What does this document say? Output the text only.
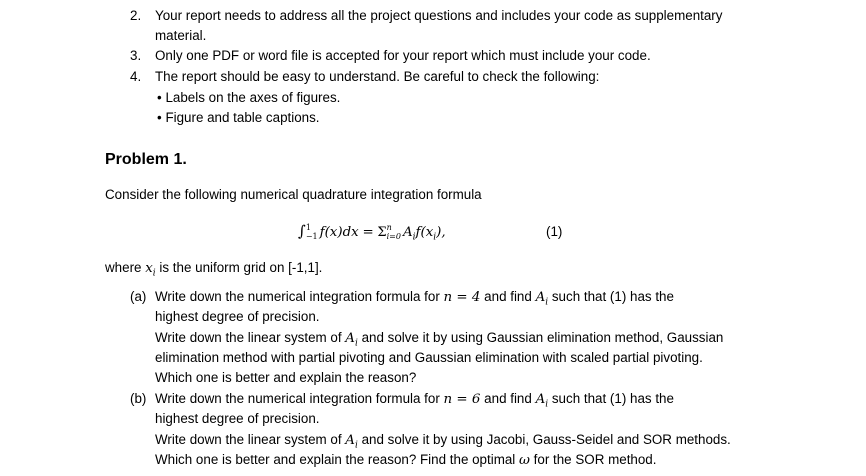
2. Your report needs to address all the project questions and includes your code as supplementary
material.
3. Only one PDF or word file is accepted for your report which must include your code.
4. The report should be easy to understand. Be careful to check the following:
• Labels on the axes of figures.
• Figure and table captions.
Problem 1.
Consider the following numerical quadrature integration formula
∫ 1
−1 f(x)dx = Σ n
i=0 $A_if(x_i)$,	(1)
where $x_i$ is the uniform grid on [-1,1].
(a) Write down the numerical integration formula for n = 4 and find $A_i$ such that (1) has the
highest degree of precision.
Write down the linear system of $A_i$ and solve it by using Gaussian elimination method, Gaussian
elimination method with partial pivoting and Gaussian elimination with scaled partial pivoting.
Which one is better and explain the reason?
(b) Write down the numerical integration formula for n = 6 and find $A_i$ such that (1) has the
highest degree of precision.
Write down the linear system of $A_i$ and solve it by using Jacobi, Gauss-Seidel and SOR methods.
Which one is better and explain the reason? Find the optimal ω for the SOR method.
